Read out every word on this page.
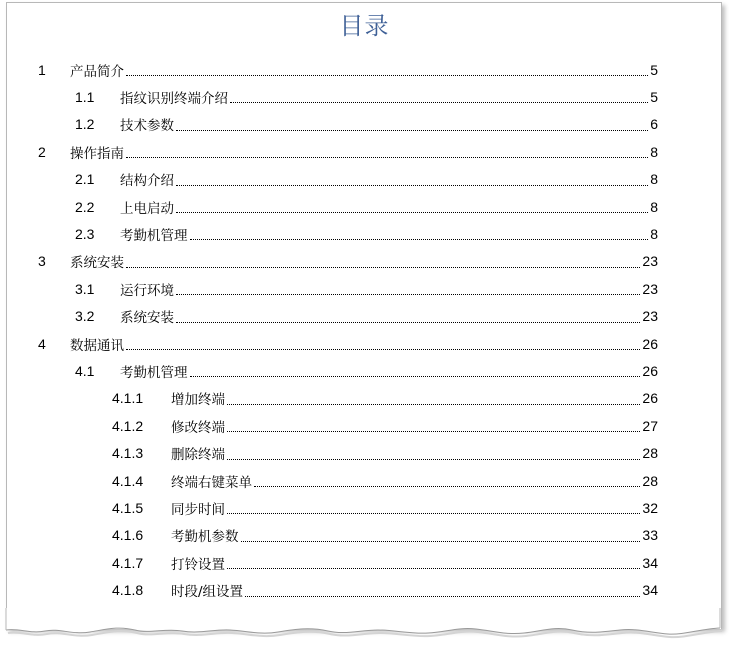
目录
1	产品简介	5
1.1	指纹识别终端介绍	5
1.2	技术参数	6
2	操作指南	8
2.1	结构介绍	8
2.2	上电启动	8
2.3	考勤机管理	8
3	系统安装	23
3.1	运行环境	23
3.2	系统安装	23
4	数据通讯	26
4.1	考勤机管理	26
4.1.1	增加终端	26
4.1.2	修改终端	27
4.1.3	删除终端	28
4.1.4	终端右键菜单	28
4.1.5	同步时间	32
4.1.6	考勤机参数	33
4.1.7	打铃设置	34
4.1.8	时段/组设置	34
